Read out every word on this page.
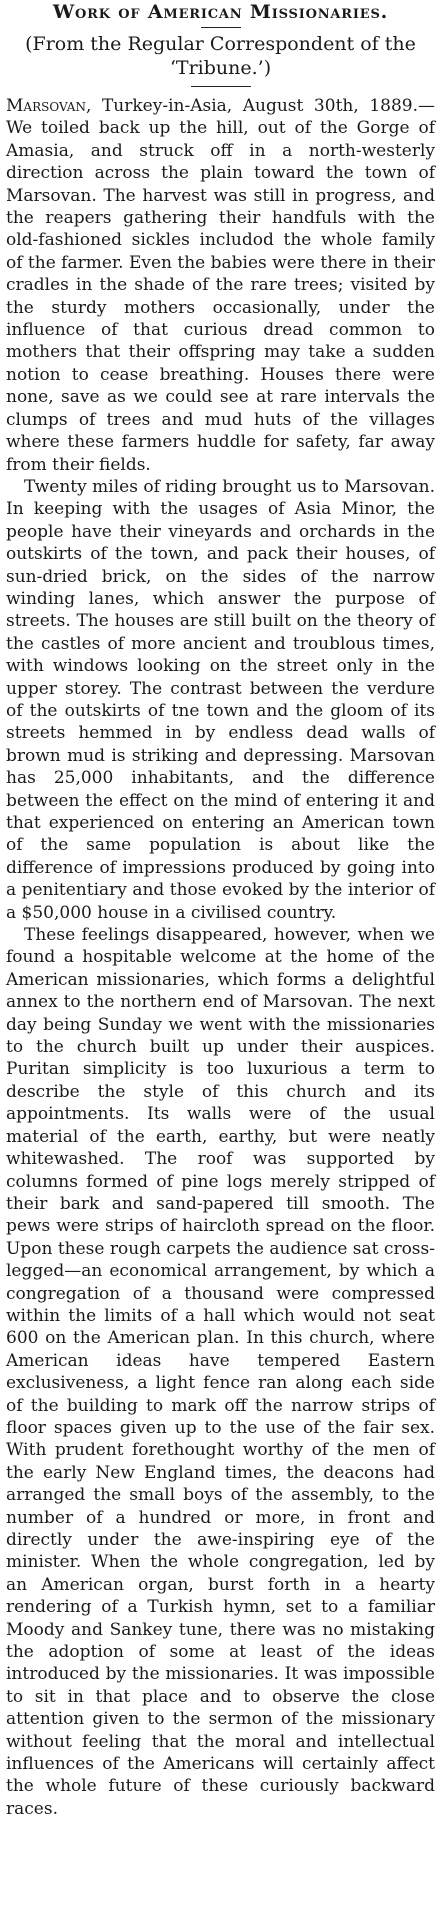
Work of American Missionaries.
(From the Regular Correspondent of the ‘Tribune.’)

Marsovan, Turkey-in-Asia, August 30th, 1889.—We toiled back up the hill, out of the Gorge of Amasia, and struck off in a north-westerly direction across the plain toward the town of Marsovan. The harvest was still in progress, and the reapers gathering their handfuls with the old-fashioned sickles includod the whole family of the farmer. Even the babies were there in their cradles in the shade of the rare trees; visited by the sturdy mothers occasionally, under the influence of that curious dread common to mothers that their offspring may take a sudden notion to cease breathing. Houses there were none, save as we could see at rare intervals the clumps of trees and mud huts of the villages where these farmers huddle for safety, far away from their fields.

Twenty miles of riding brought us to Marsovan. In keeping with the usages of Asia Minor, the people have their vineyards and orchards in the outskirts of the town, and pack their houses, of sun-dried brick, on the sides of the narrow winding lanes, which answer the purpose of streets. The houses are still built on the theory of the castles of more ancient and troublous times, with windows looking on the street only in the upper storey. The contrast between the verdure of the outskirts of tne town and the gloom of its streets hemmed in by endless dead walls of brown mud is striking and depressing. Marsovan has 25,000 inhabitants, and the difference between the effect on the mind of entering it and that experienced on entering an American town of the same population is about like the difference of impressions produced by going into a penitentiary and those evoked by the interior of a $50,000 house in a civilised country.

These feelings disappeared, however, when we found a hospitable welcome at the home of the American missionaries, which forms a delightful annex to the northern end of Marsovan. The next day being Sunday we went with the missionaries to the church built up under their auspices. Puritan simplicity is too luxurious a term to describe the style of this church and its appointments. Its walls were of the usual material of the earth, earthy, but were neatly whitewashed. The roof was supported by columns formed of pine logs merely stripped of their bark and sand-papered till smooth. The pews were strips of haircloth spread on the floor. Upon these rough carpets the audience sat cross-legged—an economical arrangement, by which a congregation of a thousand were compressed within the limits of a hall which would not seat 600 on the American plan. In this church, where American ideas have tempered Eastern exclusiveness, a light fence ran along each side of the building to mark off the narrow strips of floor spaces given up to the use of the fair sex. With prudent forethought worthy of the men of the early New England times, the deacons had arranged the small boys of the assembly, to the number of a hundred or more, in front and directly under the awe-inspiring eye of the minister. When the whole congregation, led by an American organ, burst forth in a hearty rendering of a Turkish hymn, set to a familiar Moody and Sankey tune, there was no mistaking the adoption of some at least of the ideas introduced by the missionaries. It was impossible to sit in that place and to observe the close attention given to the sermon of the missionary without feeling that the moral and intellectual influences of the Americans will certainly affect the whole future of these curiously backward races.
